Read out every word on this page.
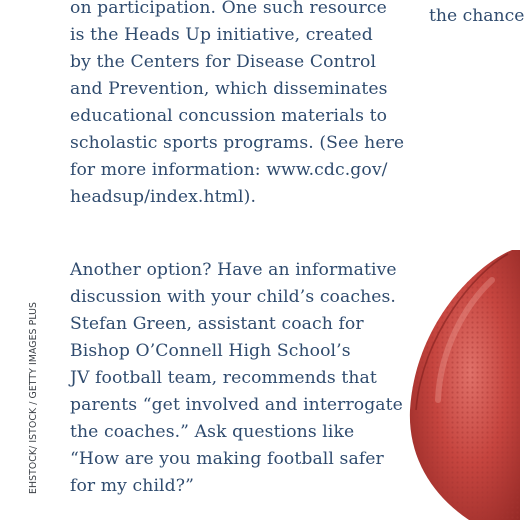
on participation. One such resource
is the Heads Up initiative, created
by the Centers for Disease Control
and Prevention, which disseminates
educational concussion materials to
scholastic sports programs. (See here
for more information: www.cdc.gov/
headsup/index.html).
Another option? Have an informative
discussion with your child’s coaches.
Stefan Green, assistant coach for
Bishop O’Connell High School’s
JV football team, recommends that
parents “get involved and interrogate
the coaches.” Ask questions like
“How are you making football safer
for my child?”
the chance
EHSTOCK/ ISTOCK / GETTY IMAGES PLUS
